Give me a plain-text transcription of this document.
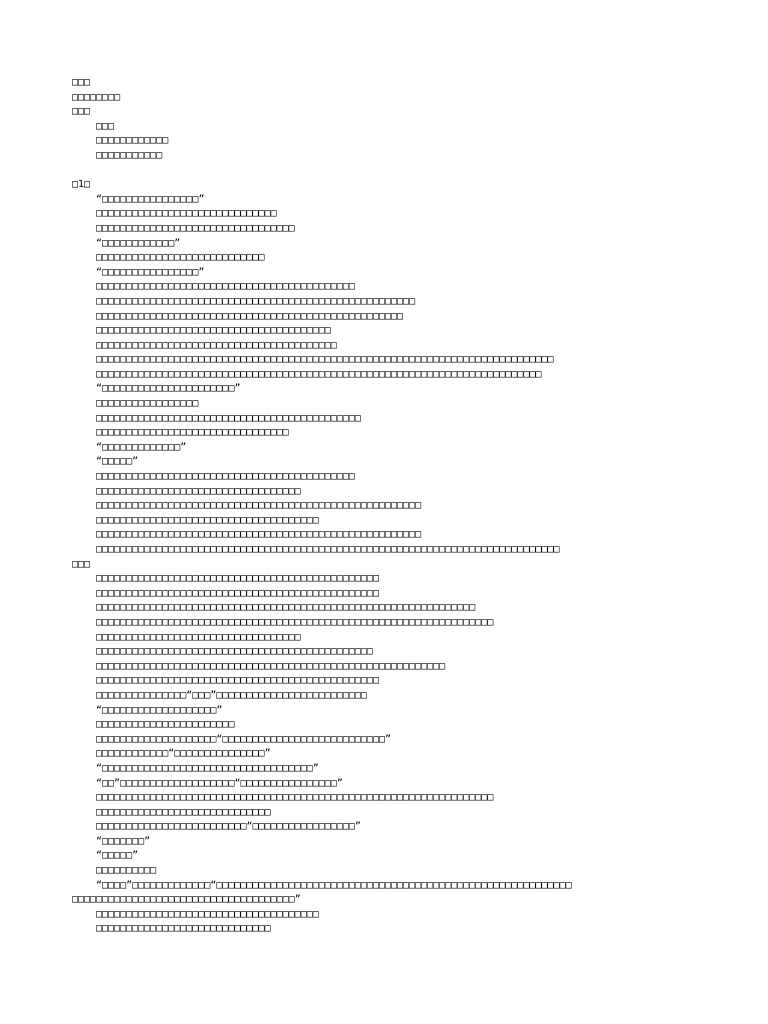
□□□
□□□□□□□□
□□□
□□□
□□□□□□□□□□□□
□□□□□□□□□□□
□1□
“□□□□□□□□□□□□□□□□”
□□□□□□□□□□□□□□□□□□□□□□□□□□□□□□
□□□□□□□□□□□□□□□□□□□□□□□□□□□□□□□□□
“□□□□□□□□□□□□”
□□□□□□□□□□□□□□□□□□□□□□□□□□□□
“□□□□□□□□□□□□□□□□”
□□□□□□□□□□□□□□□□□□□□□□□□□□□□□□□□□□□□□□□□□□□
□□□□□□□□□□□□□□□□□□□□□□□□□□□□□□□□□□□□□□□□□□□□□□□□□□□□□
□□□□□□□□□□□□□□□□□□□□□□□□□□□□□□□□□□□□□□□□□□□□□□□□□□□
□□□□□□□□□□□□□□□□□□□□□□□□□□□□□□□□□□□□□□□
□□□□□□□□□□□□□□□□□□□□□□□□□□□□□□□□□□□□□□□□
□□□□□□□□□□□□□□□□□□□□□□□□□□□□□□□□□□□□□□□□□□□□□□□□□□□□□□□□□□□□□□□□□□□□□□□□□□□□
□□□□□□□□□□□□□□□□□□□□□□□□□□□□□□□□□□□□□□□□□□□□□□□□□□□□□□□□□□□□□□□□□□□□□□□□□□
“□□□□□□□□□□□□□□□□□□□□□□”
□□□□□□□□□□□□□□□□□
□□□□□□□□□□□□□□□□□□□□□□□□□□□□□□□□□□□□□□□□□□□□
□□□□□□□□□□□□□□□□□□□□□□□□□□□□□□□□
“□□□□□□□□□□□□□”
“□□□□□”
□□□□□□□□□□□□□□□□□□□□□□□□□□□□□□□□□□□□□□□□□□□
□□□□□□□□□□□□□□□□□□□□□□□□□□□□□□□□□□
□□□□□□□□□□□□□□□□□□□□□□□□□□□□□□□□□□□□□□□□□□□□□□□□□□□□□□
□□□□□□□□□□□□□□□□□□□□□□□□□□□□□□□□□□□□□
□□□□□□□□□□□□□□□□□□□□□□□□□□□□□□□□□□□□□□□□□□□□□□□□□□□□□□
□□□□□□□□□□□□□□□□□□□□□□□□□□□□□□□□□□□□□□□□□□□□□□□□□□□□□□□□□□□□□□□□□□□□□□□□□□□□□
□□□
□□□□□□□□□□□□□□□□□□□□□□□□□□□□□□□□□□□□□□□□□□□□□□□
□□□□□□□□□□□□□□□□□□□□□□□□□□□□□□□□□□□□□□□□□□□□□□□
□□□□□□□□□□□□□□□□□□□□□□□□□□□□□□□□□□□□□□□□□□□□□□□□□□□□□□□□□□□□□□□
□□□□□□□□□□□□□□□□□□□□□□□□□□□□□□□□□□□□□□□□□□□□□□□□□□□□□□□□□□□□□□□□□□
□□□□□□□□□□□□□□□□□□□□□□□□□□□□□□□□□□
□□□□□□□□□□□□□□□□□□□□□□□□□□□□□□□□□□□□□□□□□□□□□□
□□□□□□□□□□□□□□□□□□□□□□□□□□□□□□□□□□□□□□□□□□□□□□□□□□□□□□□□□□
□□□□□□□□□□□□□□□□□□□□□□□□□□□□□□□□□□□□□□□□□□□□□□□
□□□□□□□□□□□□□□□“□□□”□□□□□□□□□□□□□□□□□□□□□□□□□
“□□□□□□□□□□□□□□□□□□□”
□□□□□□□□□□□□□□□□□□□□□□□
□□□□□□□□□□□□□□□□□□□□“□□□□□□□□□□□□□□□□□□□□□□□□□□□”
□□□□□□□□□□□□“□□□□□□□□□□□□□□□”
“□□□□□□□□□□□□□□□□□□□□□□□□□□□□□□□□□□□”
“□□”□□□□□□□□□□□□□□□□□□□“□□□□□□□□□□□□□□□□”
□□□□□□□□□□□□□□□□□□□□□□□□□□□□□□□□□□□□□□□□□□□□□□□□□□□□□□□□□□□□□□□□□□
□□□□□□□□□□□□□□□□□□□□□□□□□□□□□
□□□□□□□□□□□□□□□□□□□□□□□□□“□□□□□□□□□□□□□□□□□”
“□□□□□□□”
“□□□□□”
□□□□□□□□□□
“□□□□”□□□□□□□□□□□□□“□□□□□□□□□□□□□□□□□□□□□□□□□□□□□□□□□□□□□□□□□□□□□□□□□□□□□□□□□□□
□□□□□□□□□□□□□□□□□□□□□□□□□□□□□□□□□□□□□”
□□□□□□□□□□□□□□□□□□□□□□□□□□□□□□□□□□□□□
□□□□□□□□□□□□□□□□□□□□□□□□□□□□□
